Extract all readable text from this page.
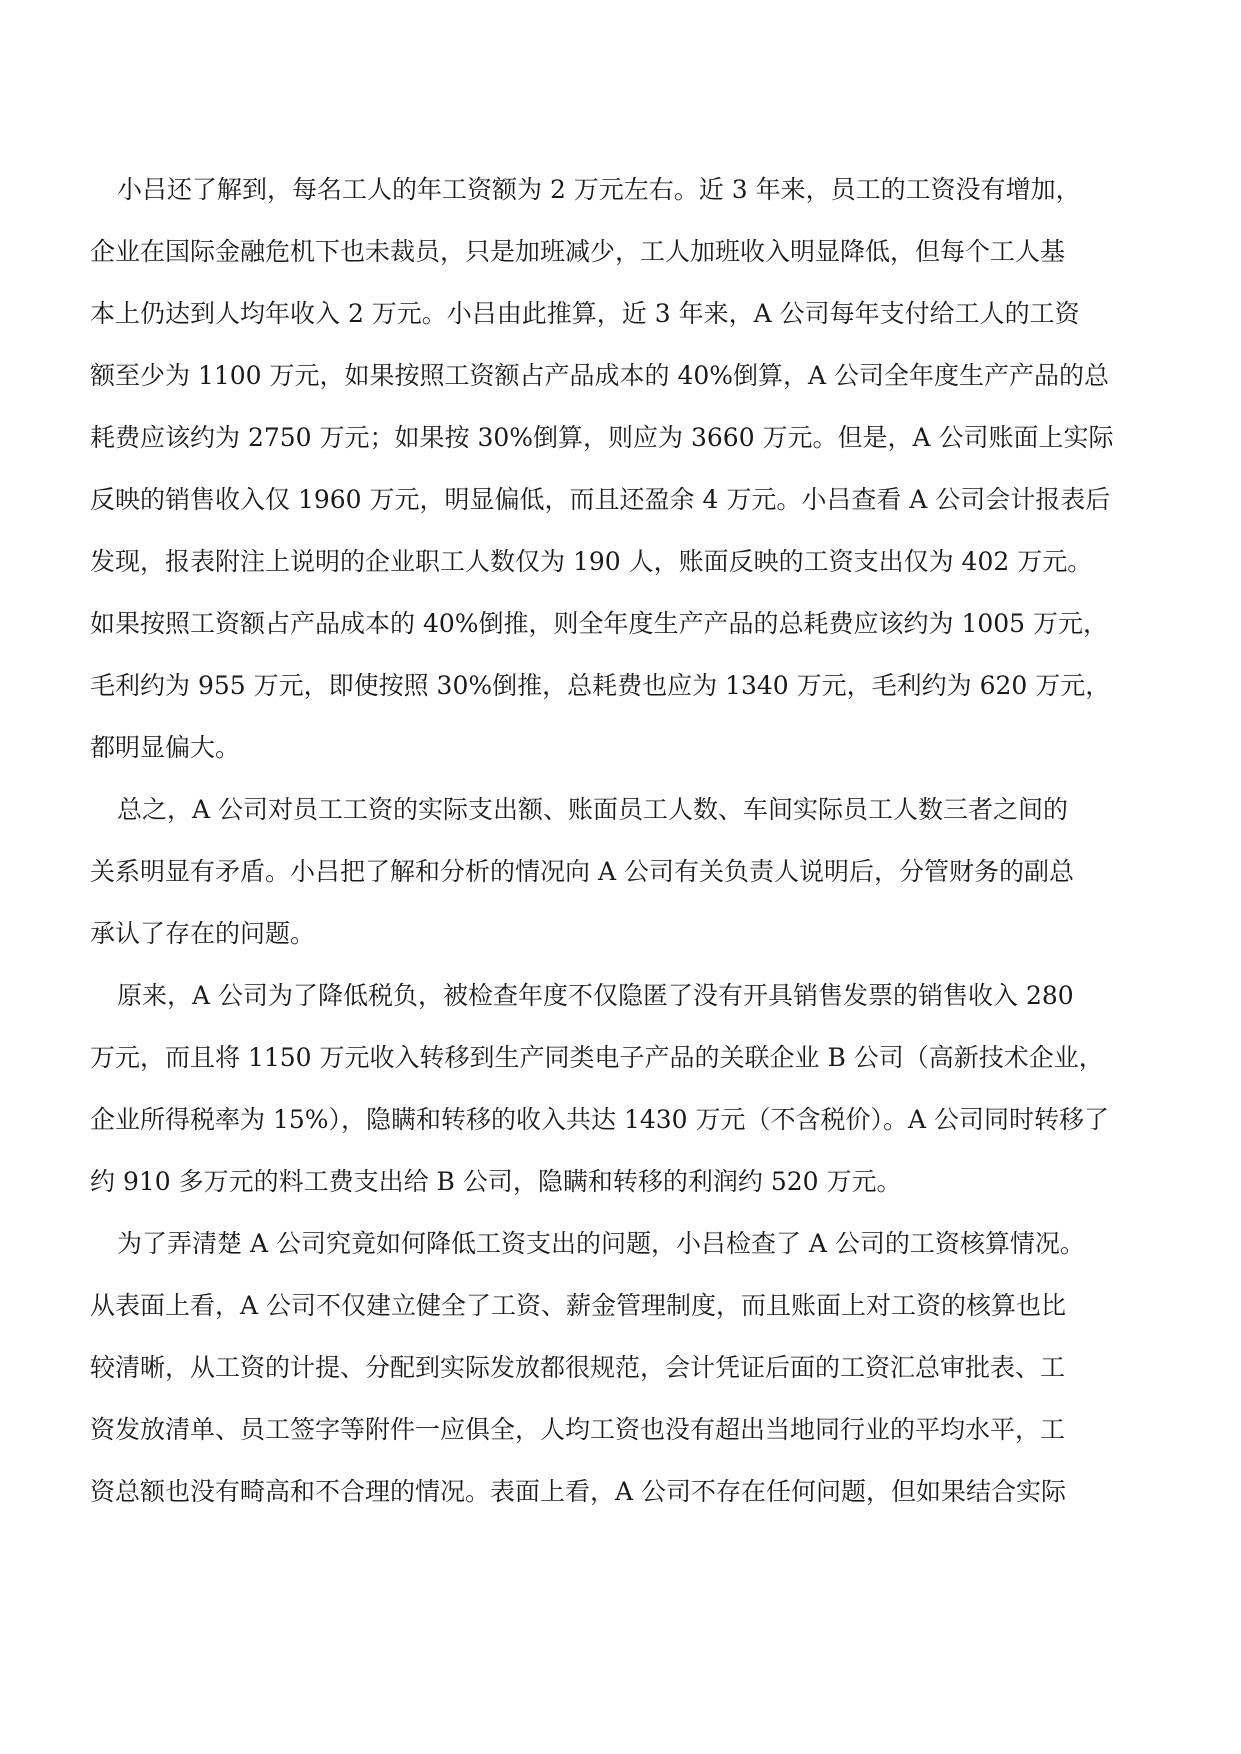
小吕还了解到，每名工人的年工资额为 2 万元左右。近 3 年来，员工的工资没有增加，
企业在国际金融危机下也未裁员，只是加班减少，工人加班收入明显降低，但每个工人基
本上仍达到人均年收入 2 万元。小吕由此推算，近 3 年来，A 公司每年支付给工人的工资
额至少为 1100 万元，如果按照工资额占产品成本的 40%倒算，A 公司全年度生产产品的总
耗费应该约为 2750 万元；如果按 30%倒算，则应为 3660 万元。但是，A 公司账面上实际
反映的销售收入仅 1960 万元，明显偏低，而且还盈余 4 万元。小吕查看 A 公司会计报表后
发现，报表附注上说明的企业职工人数仅为 190 人，账面反映的工资支出仅为 402 万元。
如果按照工资额占产品成本的 40%倒推，则全年度生产产品的总耗费应该约为 1005 万元，
毛利约为 955 万元，即使按照 30%倒推，总耗费也应为 1340 万元，毛利约为 620 万元，
都明显偏大。
总之，A 公司对员工工资的实际支出额、账面员工人数、车间实际员工人数三者之间的
关系明显有矛盾。小吕把了解和分析的情况向 A 公司有关负责人说明后，分管财务的副总
承认了存在的问题。
原来，A 公司为了降低税负，被检查年度不仅隐匿了没有开具销售发票的销售收入 280
万元，而且将 1150 万元收入转移到生产同类电子产品的关联企业 B 公司（高新技术企业，
企业所得税率为 15%），隐瞒和转移的收入共达 1430 万元（不含税价）。A 公司同时转移了
约 910 多万元的料工费支出给 B 公司，隐瞒和转移的利润约 520 万元。
为了弄清楚 A 公司究竟如何降低工资支出的问题，小吕检查了 A 公司的工资核算情况。
从表面上看，A 公司不仅建立健全了工资、薪金管理制度，而且账面上对工资的核算也比
较清晰，从工资的计提、分配到实际发放都很规范，会计凭证后面的工资汇总审批表、工
资发放清单、员工签字等附件一应俱全，人均工资也没有超出当地同行业的平均水平，工
资总额也没有畸高和不合理的情况。表面上看，A 公司不存在任何问题，但如果结合实际
